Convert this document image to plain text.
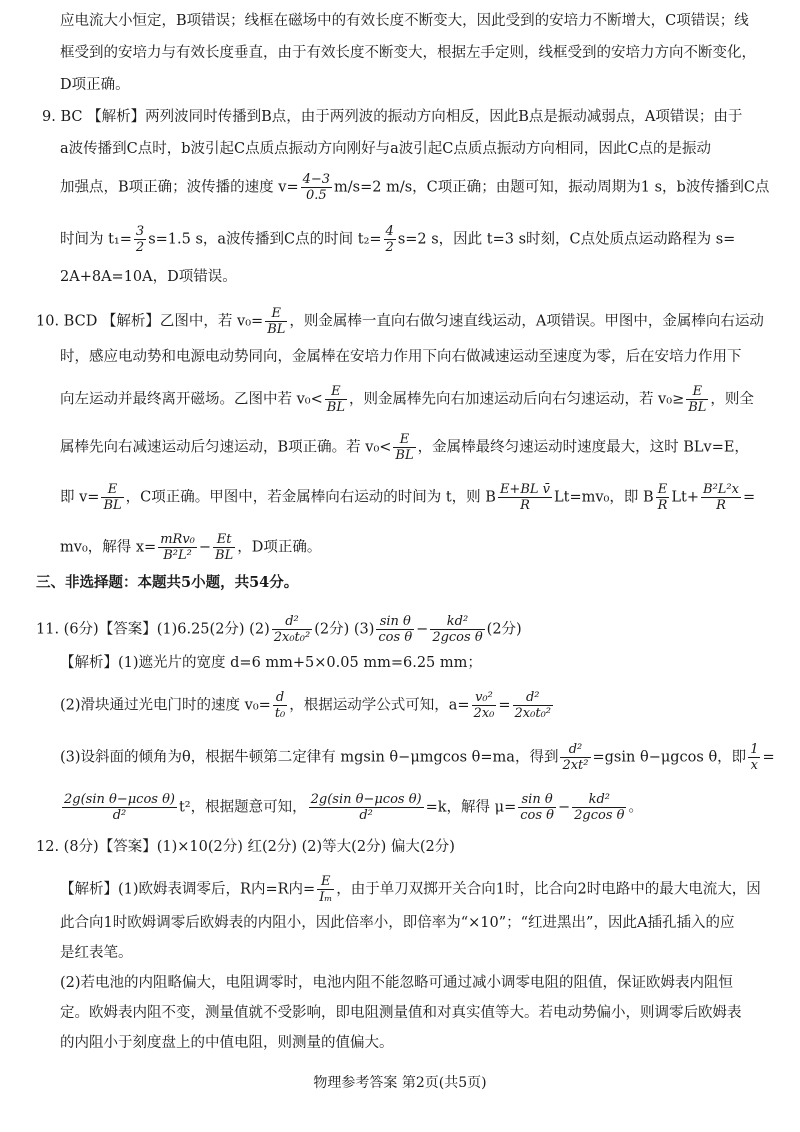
应电流大小恒定，B项错误；线框在磁场中的有效长度不断变大，因此受到的安培力不断增大，C项错误；线
框受到的安培力与有效长度垂直，由于有效长度不断变大，根据左手定则，线框受到的安培力方向不断变化，
D项正确。
9. BC 【解析】两列波同时传播到B点，由于两列波的振动方向相反，因此B点是振动减弱点，A项错误；由于
a波传播到C点时，b波引起C点质点振动方向刚好与a波引起C点质点振动方向相同，因此C点的是振动
加强点，B项正确；波传播的速度 $v= \frac{4-3}{0.5} m/s=2$ m/s，C项正确；由题可知，振动周期为1 s，b波传播到C点
时间为 $t_1= \frac{3}{2} s=1.5$ s，a波传播到C点的时间 $t_2= \frac{4}{2} s=2$ s，因此 t=3 s时刻，C点处质点运动路程为 s=
2A+8A=10A，D项错误。
10. BCD 【解析】乙图中，若 $v_0= \frac{E}{BL}$ ，则金属棒一直向右做匀速直线运动，A项错误。甲图中，金属棒向右运动
时，感应电动势和电源电动势同向，金属棒在安培力作用下向右做减速运动至速度为零，后在安培力作用下
向左运动并最终离开磁场。乙图中若 $v_0< \frac{E}{BL}$ ，则金属棒先向右加速运动后向右匀速运动，若 $v_0\ge \frac{E}{BL}$ ，则全
属棒先向右减速运动后匀速运动，B项正确。若 $v_0< \frac{E}{BL}$ ，金属棒最终匀速运动时速度最大，这时 BLv=E，
即 $v= \frac{E}{BL}$ ，C项正确。甲图中，若金属棒向右运动的时间为 t，则 B $\frac{\text{E+BL v̄}}{R} Lt=mv_0$，即 B $\frac{E}{R} Lt+ \frac{\text{B²L²x}}{R}$ =
mv₀，解得 $x= \frac{\text{mRv₀}}{\text{B²L²}} - \frac{Et}{BL}$ ，D项正确。
三、非选择题：本题共5小题，共54分。
11. (6分)【答案】(1)6.25(2分) $(2) \frac{\text{d²}}{\text{2x₀t₀²}} (2$分) $(3) \frac{\text{sin θ}}{\text{cos θ}} - \frac{\text{kd²}}{\text{2gcos θ}} (2$分)
【解析】(1)遮光片的宽度 d=6 mm+5×0.05 mm=6.25 mm；
(2)滑块通过光电门时的速度 $v_0= \frac{d}{\text{t₀}}$ ，根据运动学公式可知，$a= \frac{\text{v₀²}}{\text{2x₀}} = \frac{\text{d²}}{\text{2x₀t₀²}}$
(3)设斜面的倾角为θ，根据牛顿第二定律有 mgsin θ−μmgcos θ=ma，得到 $\frac{\text{d²}}{\text{2xt²}} =gsin$ θ−μgcos θ，即 $\frac{1}{x}$ =
$\frac{\text{2g(sin θ−μcos θ)}}{\text{d²}} t^2$，根据题意可知， $\frac{\text{2g(sin θ−μcos θ)}}{\text{d²}} =k$，解得 $\mu= \frac{\text{sin θ}}{\text{cos θ}} - \frac{\text{kd²}}{\text{2gcos θ}}$ 。
12. (8分)【答案】(1)×10(2分) 红(2分) (2)等大(2分) 偏大(2分)
【解析】(1)欧姆表调零后，R内=R内= $\frac{E}{\text{Iₘ}}$ ，由于单刀双掷开关合向1时，比合向2时电路中的最大电流大，因
此合向1时欧姆调零后欧姆表的内阻小，因此倍率小，即倍率为“×10”；“红进黑出”，因此A插孔插入的应
是红表笔。
(2)若电池的内阻略偏大，电阻调零时，电池内阻不能忽略可通过减小调零电阻的阻值，保证欧姆表内阻恒
定。欧姆表内阻不变，测量值就不受影响，即电阻测量值和对真实值等大。若电动势偏小，则调零后欧姆表
的内阻小于刻度盘上的中值电阻，则测量的值偏大。
物理参考答案 第2页(共5页)
